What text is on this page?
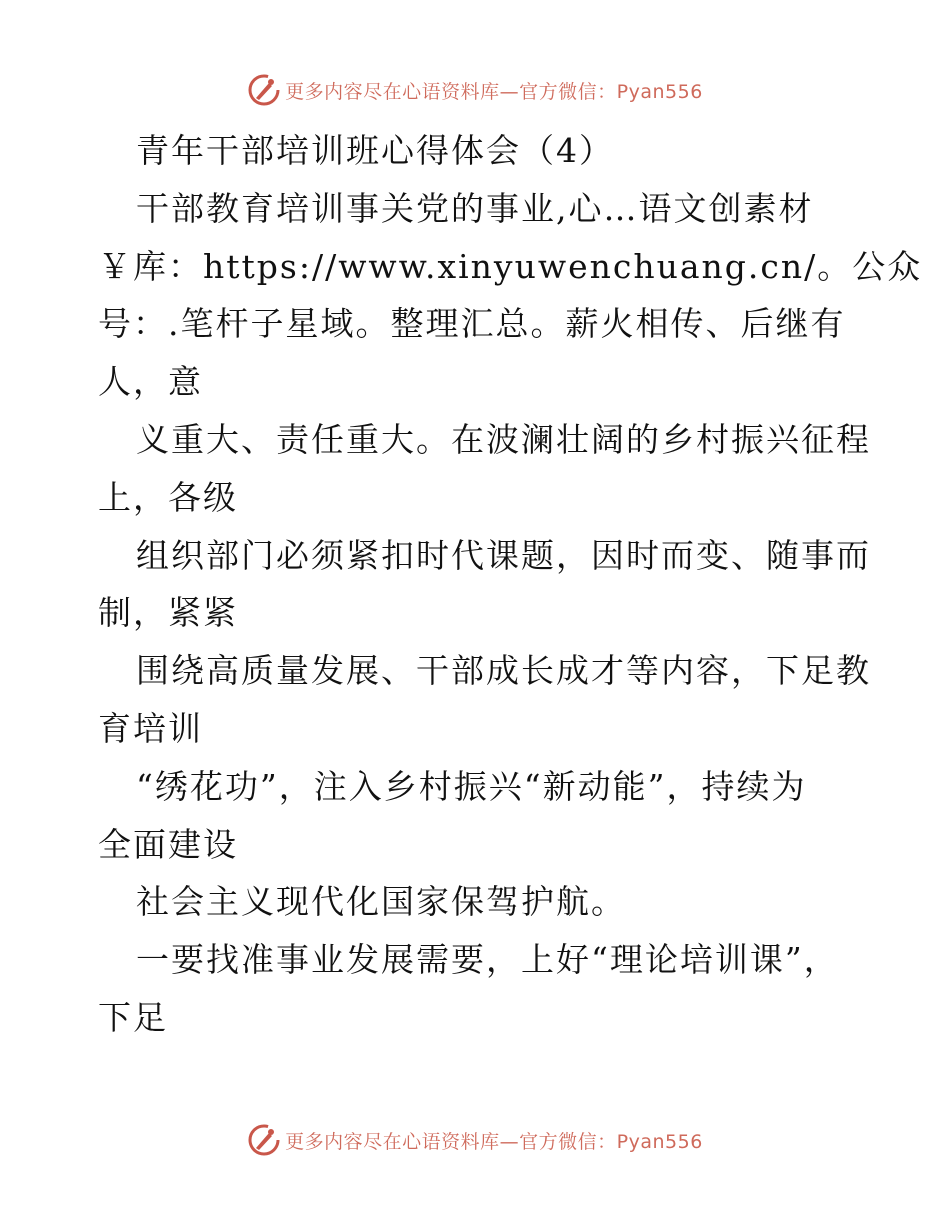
更多内容尽在心语资料库—官方微信：Pyan556
青年干部培训班心得体会（4）
干部教育培训事关党的事业,心…语文创素材
￥库：https://www.xinyuwenchuang.cn/。公众
号：.笔杆子星域。整理汇总。薪火相传、后继有
人，意
义重大、责任重大。在波澜壮阔的乡村振兴征程
上，各级
组织部门必须紧扣时代课题，因时而变、随事而
制，紧紧
围绕高质量发展、干部成长成才等内容，下足教
育培训
“绣花功”，注入乡村振兴“新动能”，持续为
全面建设
社会主义现代化国家保驾护航。
一要找准事业发展需要，上好“理论培训课”，
下足
更多内容尽在心语资料库—官方微信：Pyan556
